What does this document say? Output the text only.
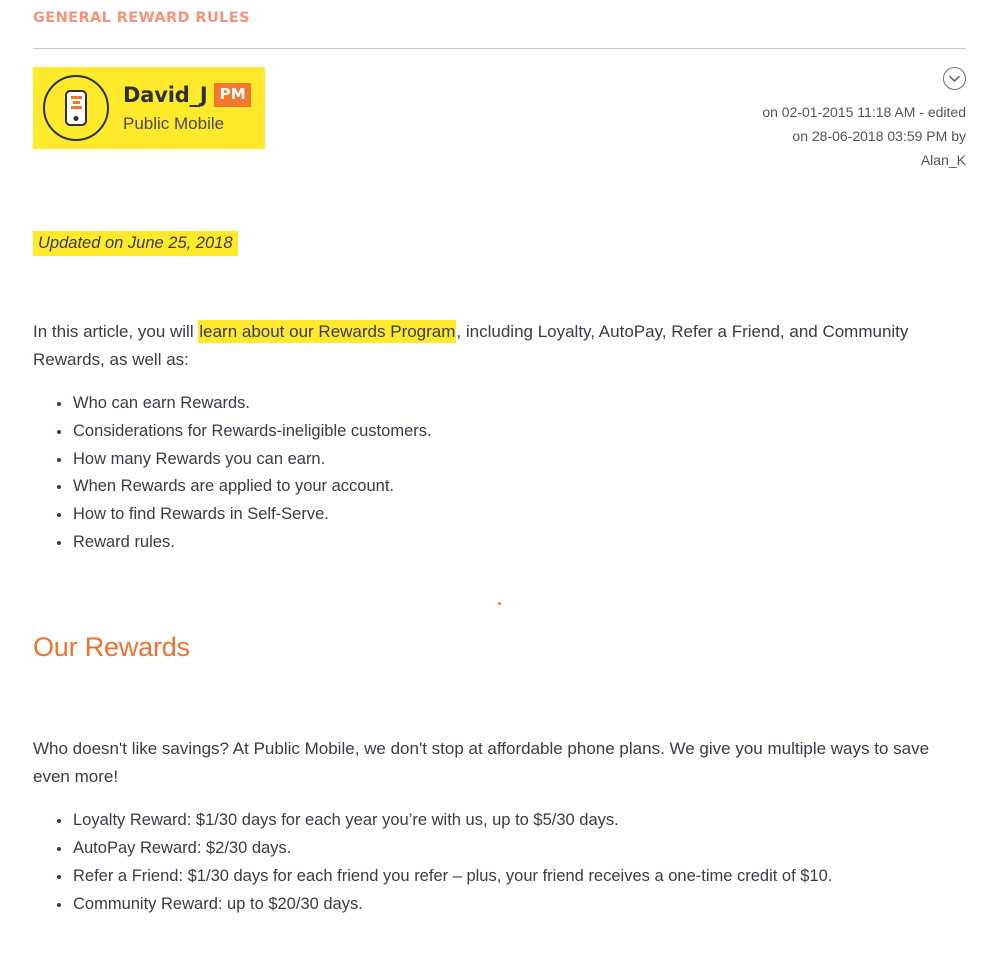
GENERAL REWARD RULES
David_J PM
Public Mobile
on 02-01-2015 11:18 AM - edited
on 28-06-2018 03:59 PM by
Alan_K
Updated on June 25, 2018

In this article, you will learn about our Rewards Program, including Loyalty, AutoPay, Refer a Friend, and Community Rewards, as well as:

Who can earn Rewards.
Considerations for Rewards-ineligible customers.
How many Rewards you can earn.
When Rewards are applied to your account.
How to find Rewards in Self-Serve.
Reward rules.
•
Our Rewards

Who doesn't like savings? At Public Mobile, we don't stop at affordable phone plans. We give you multiple ways to save even more!

Loyalty Reward: $1/30 days for each year you’re with us, up to $5/30 days.
AutoPay Reward: $2/30 days.
Refer a Friend: $1/30 days for each friend you refer – plus, your friend receives a one-time credit of $10.
Community Reward: up to $20/30 days.
